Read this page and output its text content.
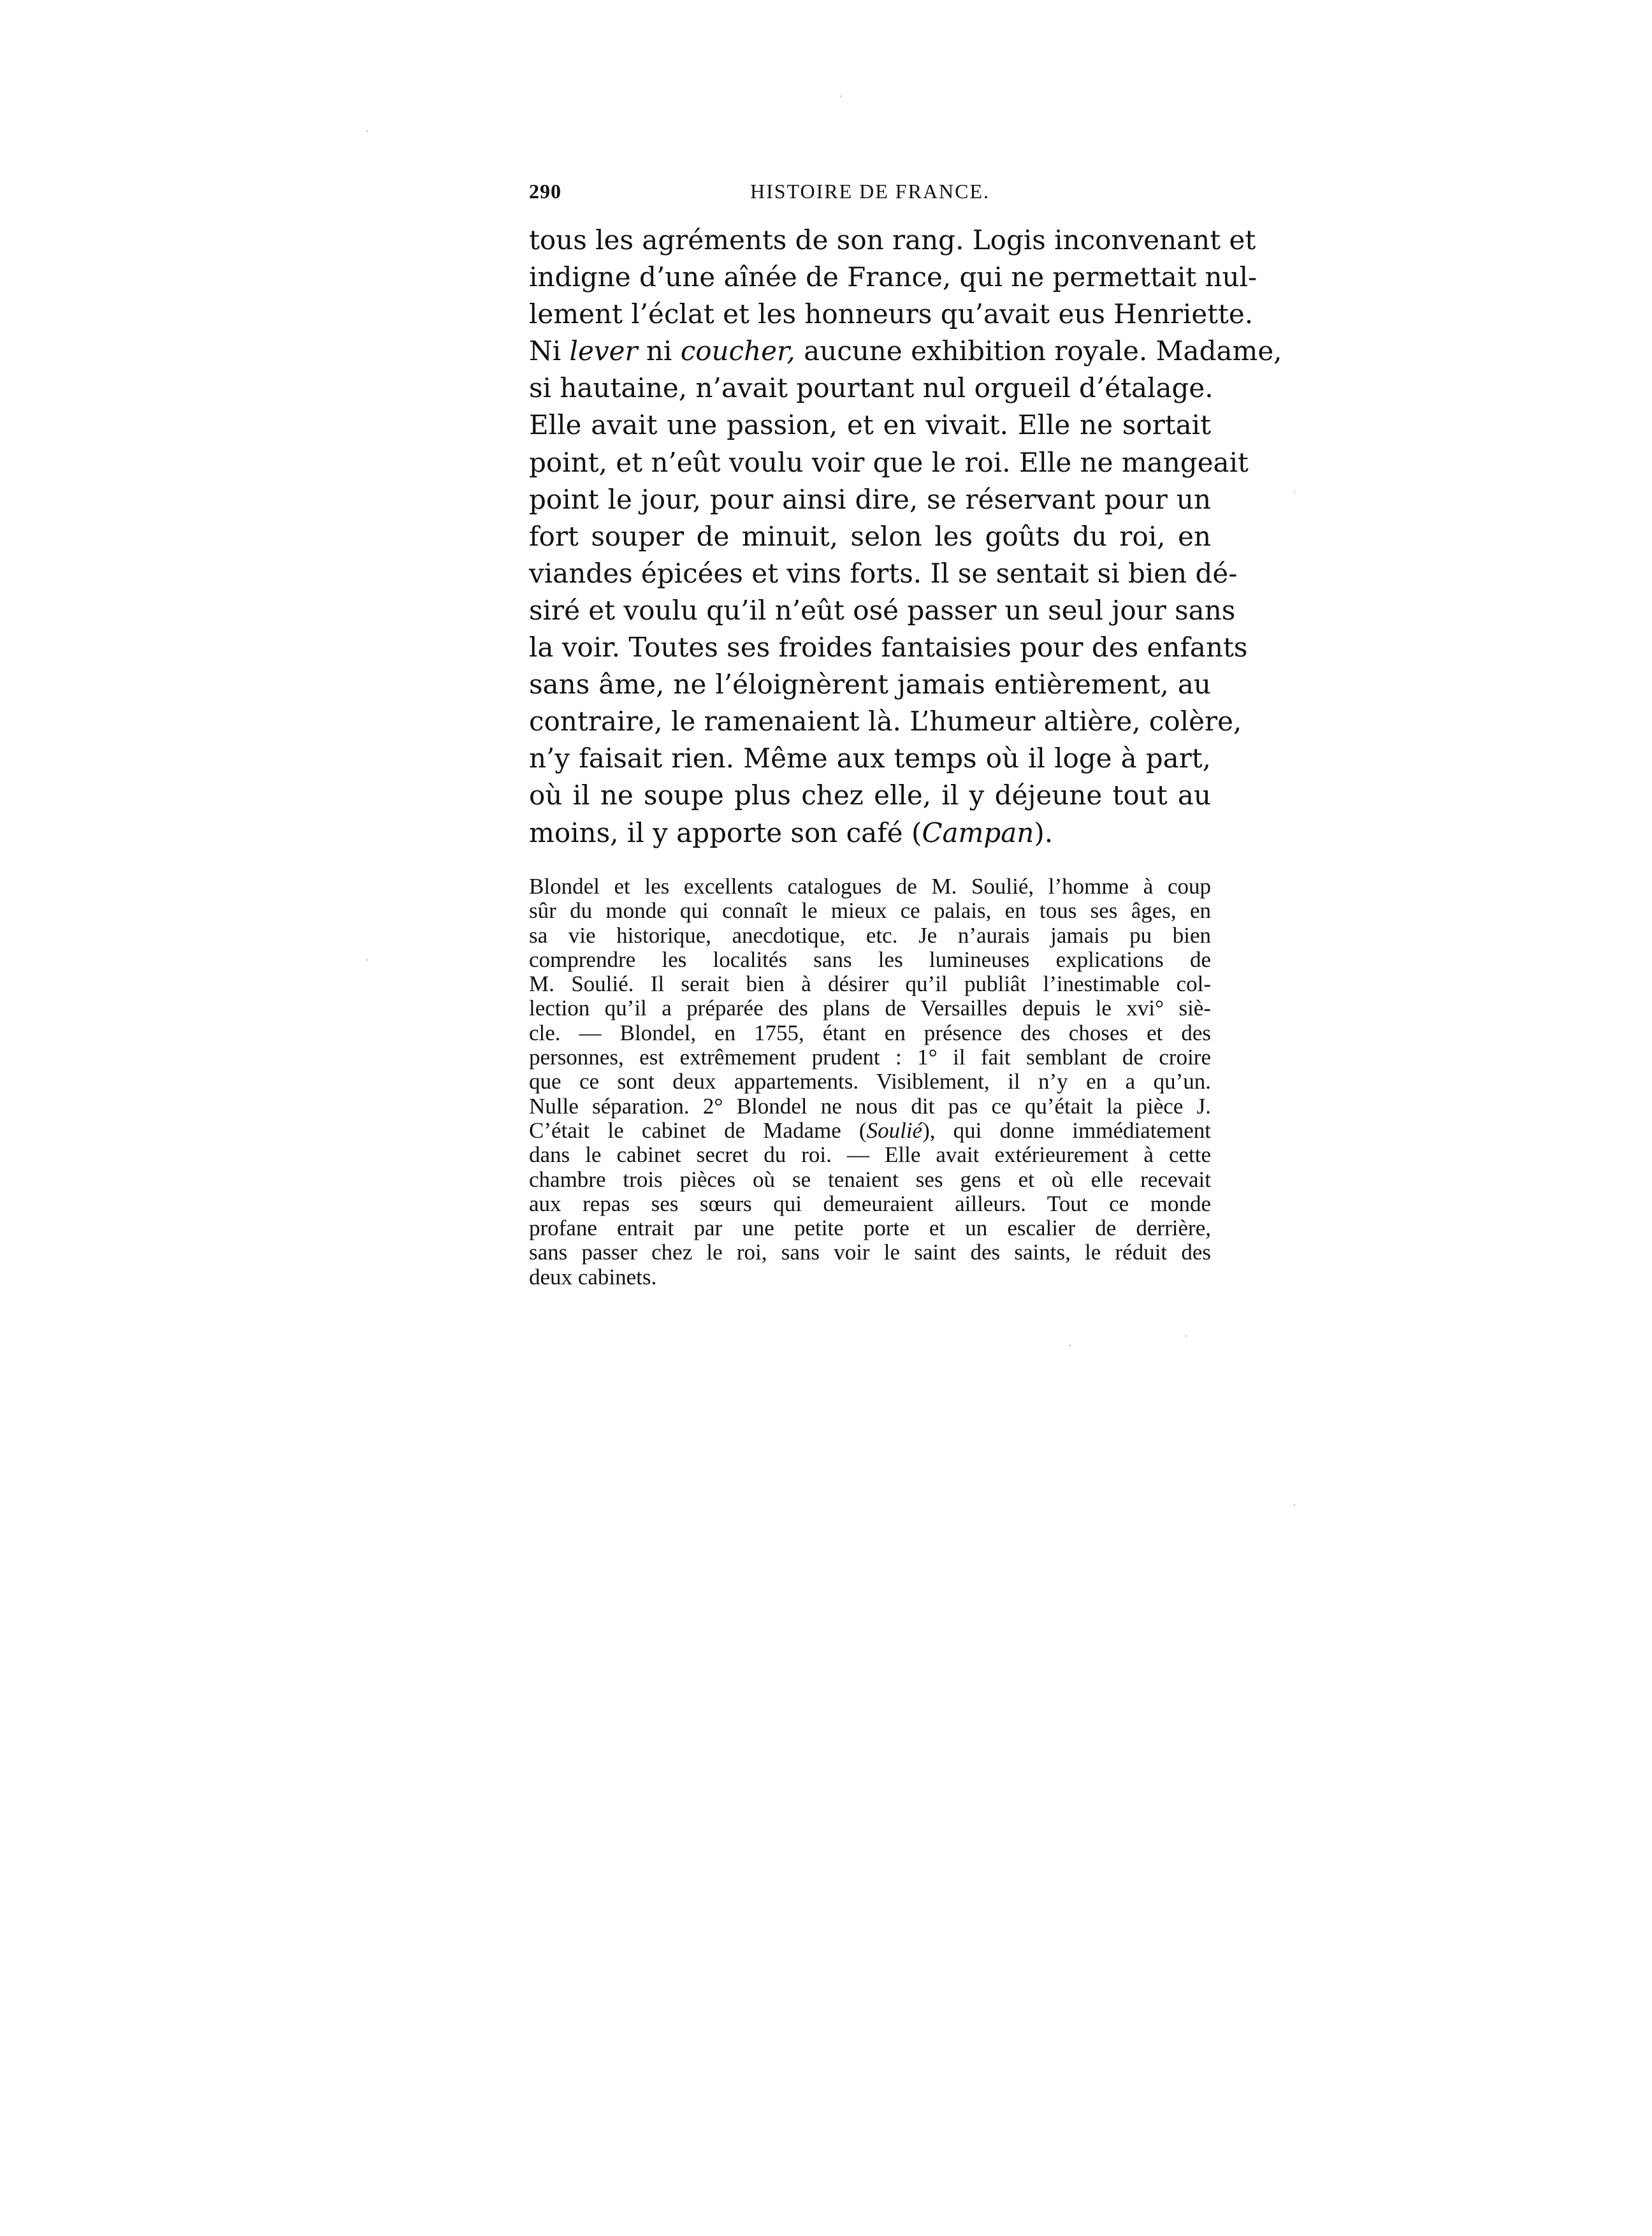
290	HISTOIRE DE FRANCE.
tous les agréments de son rang. Logis inconvenant et
indigne d’une aînée de France, qui ne permettait nul-
lement l’éclat et les honneurs qu’avait eus Henriette.
Ni lever ni coucher, aucune exhibition royale. Madame,
si hautaine, n’avait pourtant nul orgueil d’étalage.
Elle avait une passion, et en vivait. Elle ne sortait
point, et n’eût voulu voir que le roi. Elle ne mangeait
point le jour, pour ainsi dire, se réservant pour un
fort souper de minuit, selon les goûts du roi, en
viandes épicées et vins forts. Il se sentait si bien dé-
siré et voulu qu’il n’eût osé passer un seul jour sans
la voir. Toutes ses froides fantaisies pour des enfants
sans âme, ne l’éloignèrent jamais entièrement, au
contraire, le ramenaient là. L’humeur altière, colère,
n’y faisait rien. Même aux temps où il loge à part,
où il ne soupe plus chez elle, il y déjeune tout au
moins, il y apporte son café (Campan).
Blondel et les excellents catalogues de M. Soulié, l’homme à coup
sûr du monde qui connaît le mieux ce palais, en tous ses âges, en
sa vie historique, anecdotique, etc. Je n’aurais jamais pu bien
comprendre les localités sans les lumineuses explications de
M. Soulié. Il serait bien à désirer qu’il publiât l’inestimable col-
lection qu’il a préparée des plans de Versailles depuis le xvi° siè-
cle. — Blondel, en 1755, étant en présence des choses et des
personnes, est extrêmement prudent : 1° il fait semblant de croire
que ce sont deux appartements. Visiblement, il n’y en a qu’un.
Nulle séparation. 2° Blondel ne nous dit pas ce qu’était la pièce J.
C’était le cabinet de Madame (Soulié), qui donne immédiatement
dans le cabinet secret du roi. — Elle avait extérieurement à cette
chambre trois pièces où se tenaient ses gens et où elle recevait
aux repas ses sœurs qui demeuraient ailleurs. Tout ce monde
profane entrait par une petite porte et un escalier de derrière,
sans passer chez le roi, sans voir le saint des saints, le réduit des
deux cabinets.
